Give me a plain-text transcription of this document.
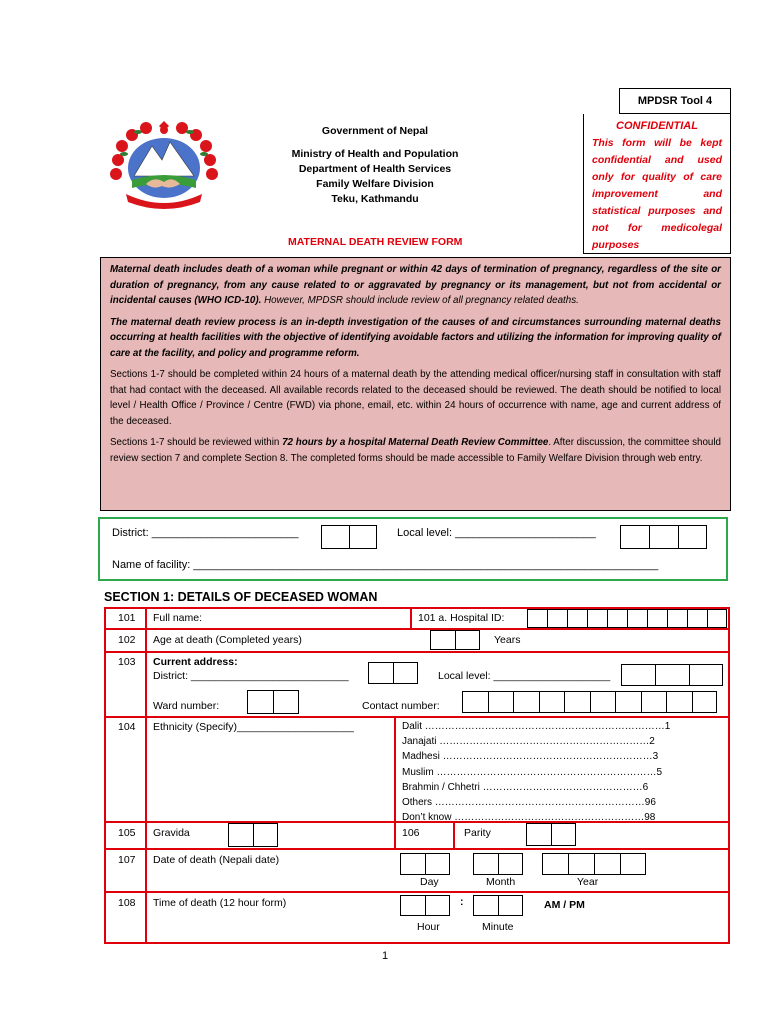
MPDSR Tool 4
CONFIDENTIAL
This form will be kept confidential and used only for quality of care improvement and statistical purposes and not for medicolegal purposes
Government of Nepal
Ministry of Health and Population
Department of Health Services
Family Welfare Division
Teku, Kathmandu
MATERNAL DEATH REVIEW FORM

Maternal death includes death of a woman while pregnant or within 42 days of termination of pregnancy, regardless of the site or duration of pregnancy, from any cause related to or aggravated by pregnancy or its management, but not from accidental or incidental causes (WHO ICD-10). However, MPDSR should include review of all pregnancy related deaths.

The maternal death review process is an in-depth investigation of the causes of and circumstances surrounding maternal deaths occurring at health facilities with the objective of identifying avoidable factors and utilizing the information for improving quality of care at the facility, and policy and programme reform.

Sections 1-7 should be completed within 24 hours of a maternal death by the attending medical officer/nursing staff in consultation with staff that had contact with the deceased. All available records related to the deceased should be reviewed. The death should be notified to local level / Health Office / Province / Centre (FWD) via phone, email, etc. within 24 hours of occurrence with name, age and current address of the deceased.

Sections 1-7 should be reviewed within 72 hours by a hospital Maternal Death Review Committee. After discussion, the committee should review section 7 and complete Section 8. The completed forms should be made accessible to Family Welfare Division through web entry.

District: ________________________	Local level: _______________________
Name of facility: ____________________________________________________________________________
SECTION 1: DETAILS OF DECEASED WOMAN
101 Full name:	101 a. Hospital ID:
102 Age at death (Completed years)	Years
103 Current address:
District: ___________________________	Local level: ____________________
Ward number:	Contact number:
104 Ethnicity (Specify)____________________	Dalit ………………………………………………………………1
Janajati ………………………………………………………2
Madhesi ………………………………………………………3
Muslim …………………………………………………………5
Brahmin / Chhetri …………………………………………6
Others ………………………………………………………96
Don’t know …………………………………………………98
105 Gravida	106	Parity
107 Date of death (Nepali date)
Day	Month	Year
108 Time of death (12 hour form)	:	AM / PM
Hour	Minute
1
